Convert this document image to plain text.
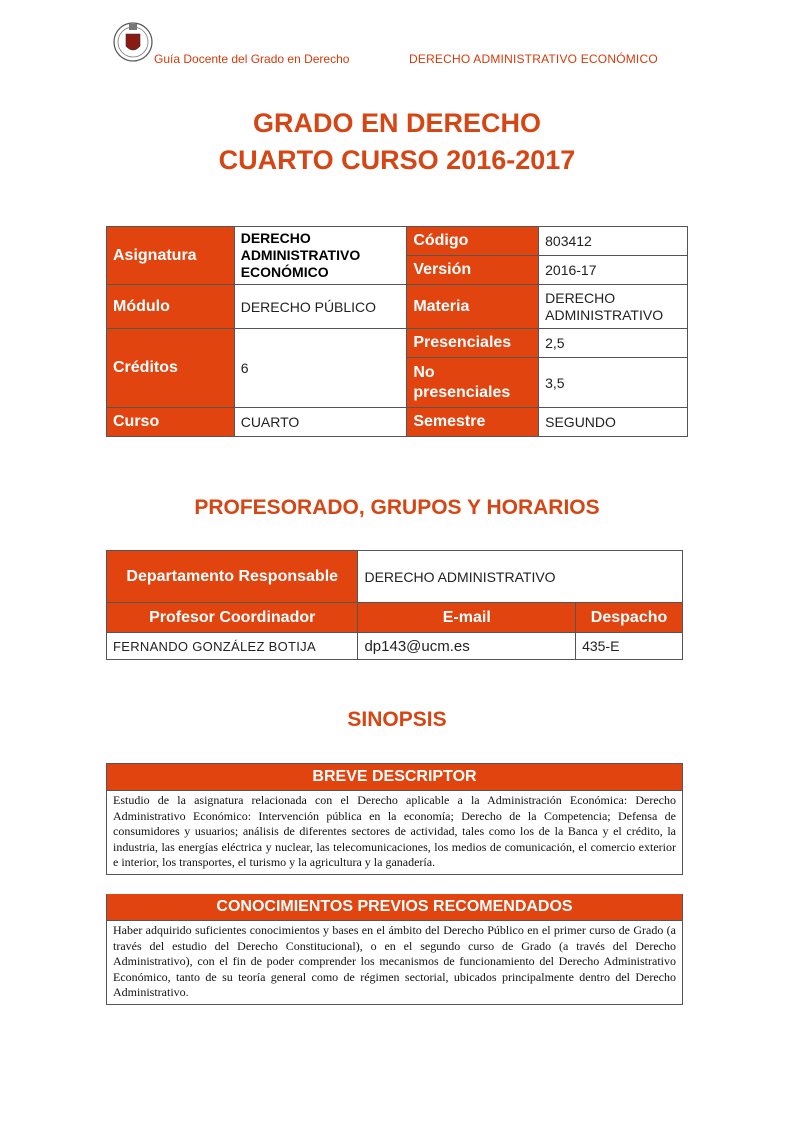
Guía Docente del Grado en Derecho	DERECHO ADMINISTRATIVO ECONÓMICO
GRADO EN DERECHO
CUARTO CURSO 2016-2017
Asignatura	DERECHO ADMINISTRATIVO ECONÓMICO	Código	803412
		Versión	2016-17
Módulo	DERECHO PÚBLICO	Materia	DERECHO ADMINISTRATIVO
Créditos	6	Presenciales	2,5
		No presenciales	3,5
Curso	CUARTO	Semestre	SEGUNDO
PROFESORADO, GRUPOS Y HORARIOS
Departamento Responsable	DERECHO ADMINISTRATIVO	
Profesor Coordinador	E-mail	Despacho
FERNANDO GONZÁLEZ BOTIJA	dp143@ucm.es	435-E
SINOPSIS
BREVE DESCRIPTOR
Estudio de la asignatura relacionada con el Derecho aplicable a la Administración Económica: Derecho Administrativo Económico: Intervención pública en la economía; Derecho de la Competencia; Defensa de consumidores y usuarios; análisis de diferentes sectores de actividad, tales como los de la Banca y el crédito, la industria, las energías eléctrica y nuclear, las telecomunicaciones, los medios de comunicación, el comercio exterior e interior, los transportes, el turismo y la agricultura y la ganadería.
CONOCIMIENTOS PREVIOS RECOMENDADOS
Haber adquirido suficientes conocimientos y bases en el ámbito del Derecho Público en el primer curso de Grado (a través del estudio del Derecho Constitucional), o en el segundo curso de Grado (a través del Derecho Administrativo), con el fin de poder comprender los mecanismos de funcionamiento del Derecho Administrativo Económico, tanto de su teoría general como de régimen sectorial, ubicados principalmente dentro del Derecho Administrativo.
